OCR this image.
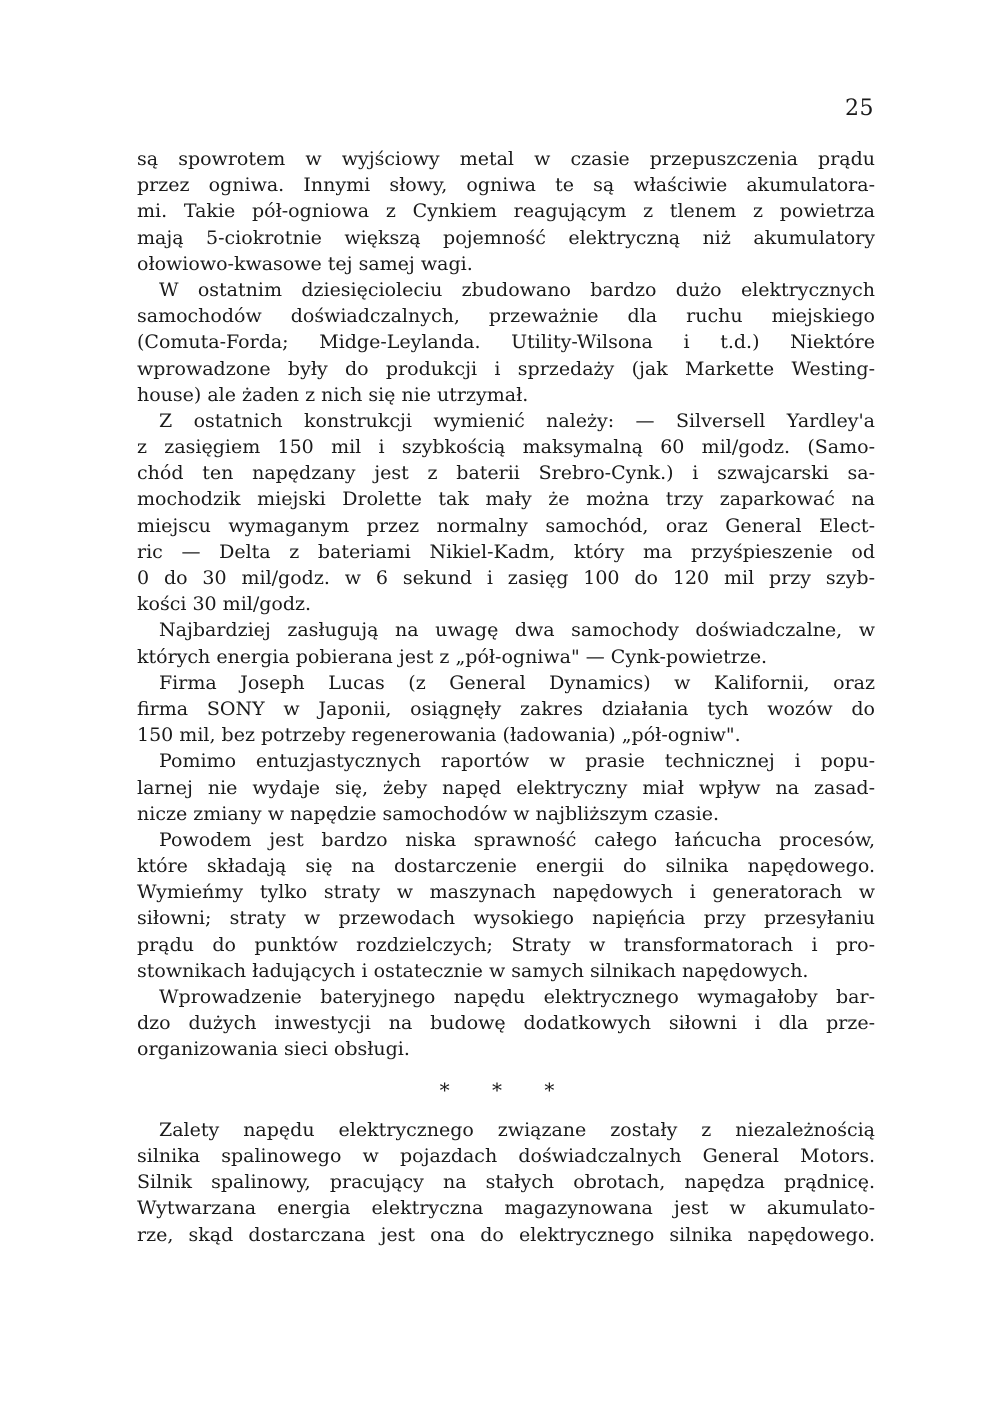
25
są spowrotem w wyjściowy metal w czasie przepuszczenia prądu
przez ogniwa. Innymi słowy, ogniwa te są właściwie akumulatora-
mi. Takie pół-ogniowa z Cynkiem reagującym z tlenem z powietrza
mają 5-ciokrotnie większą pojemność elektryczną niż akumulatory
ołowiowo-kwasowe tej samej wagi.
W ostatnim dziesięcioleciu zbudowano bardzo dużo elektrycznych
samochodów doświadczalnych, przeważnie dla ruchu miejskiego
(Comuta-Forda; Midge-Leylanda. Utility-Wilsona i t.d.) Niektóre
wprowadzone były do produkcji i sprzedaży (jak Markette Westing-
house) ale żaden z nich się nie utrzymał.
Z ostatnich konstrukcji wymienić należy: — Silversell Yardley'a
z zasięgiem 150 mil i szybkością maksymalną 60 mil/godz. (Samo-
chód ten napędzany jest z baterii Srebro-Cynk.) i szwajcarski sa-
mochodzik miejski Drolette tak mały że można trzy zaparkować na
miejscu wymaganym przez normalny samochód, oraz General Elect-
ric — Delta z bateriami Nikiel-Kadm, który ma przyśpieszenie od
0 do 30 mil/godz. w 6 sekund i zasięg 100 do 120 mil przy szyb-
kości 30 mil/godz.
Najbardziej zasługują na uwagę dwa samochody doświadczalne, w
których energia pobierana jest z „pół-ogniwa" — Cynk-powietrze.
Firma Joseph Lucas (z General Dynamics) w Kalifornii, oraz
firma SONY w Japonii, osiągnęły zakres działania tych wozów do
150 mil, bez potrzeby regenerowania (ładowania) „pół-ogniw".
Pomimo entuzjastycznych raportów w prasie technicznej i popu-
larnej nie wydaje się, żeby napęd elektryczny miał wpływ na zasad-
nicze zmiany w napędzie samochodów w najbliższym czasie.
Powodem jest bardzo niska sprawność całego łańcucha procesów,
które składają się na dostarczenie energii do silnika napędowego.
Wymieńmy tylko straty w maszynach napędowych i generatorach w
siłowni; straty w przewodach wysokiego napięńcia przy przesyłaniu
prądu do punktów rozdzielczych; Straty w transformatorach i pro-
stownikach ładujących i ostatecznie w samych silnikach napędowych.
Wprowadzenie bateryjnego napędu elektrycznego wymagałoby bar-
dzo dużych inwestycji na budowę dodatkowych siłowni i dla prze-
organizowania sieci obsługi.
* * *
Zalety napędu elektrycznego związane zostały z niezależnością
silnika spalinowego w pojazdach doświadczalnych General Motors.
Silnik spalinowy, pracujący na stałych obrotach, napędza prądnicę.
Wytwarzana energia elektryczna magazynowana jest w akumulato-
rze, skąd dostarczana jest ona do elektrycznego silnika napędowego.
